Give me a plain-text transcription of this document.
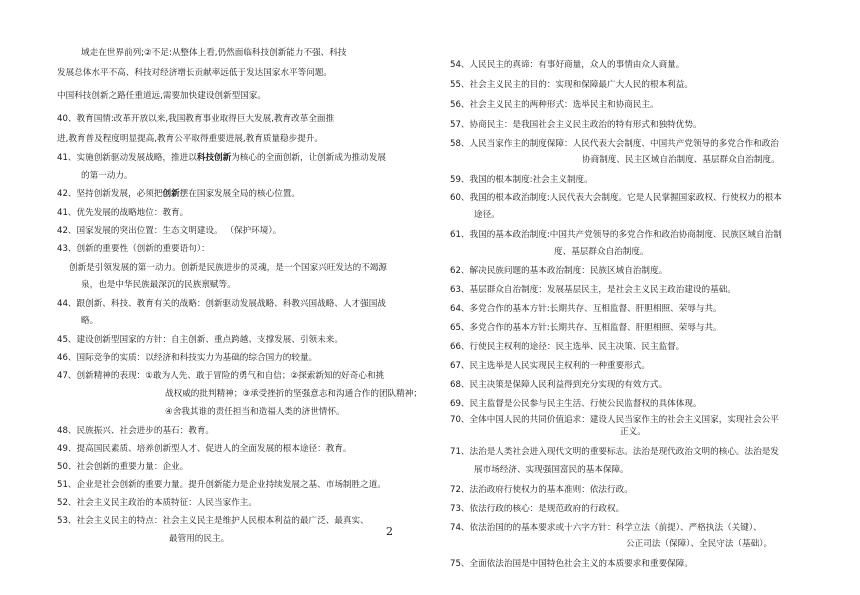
域走在世界前列;②不足:从整体上看,仍然面临科技创新能力不强、科技
发展总体水平不高、科技对经济增长贡献率远低于发达国家水平等问题。
中国科技创新之路任重道远,需要加快建设创新型国家。
40、教育国情:改革开放以来,我国教育事业取得巨大发展,教育改革全面推
进,教育普及程度明显提高,教育公平取得重要进展,教育质量稳步提升。
41、实施创新驱动发展战略，推进以科技创新为核心的全面创新，让创新成为推动发展
的第一动力。
42、坚持创新发展，必须把创新摆在国家发展全局的核心位置。
41、优先发展的战略地位：教育。
42、国家发展的突出位置：生态文明建设。 （保护环境）。
43、创新的重要性（创新的重要语句）：
创新是引领发展的第一动力。创新是民族进步的灵魂，是一个国家兴旺发达的不竭源
泉，也是中华民族最深沉的民族禀赋等。
44、跟创新、科技、教育有关的战略：创新驱动发展战略、科教兴国战略、人才强国战
略。
45、建设创新型国家的方针：自主创新、重点跨越、支撑发展、引领未来。
46、国际竞争的实质：以经济和科技实力为基础的综合国力的较量。
47、创新精神的表现：①敢为人先、敢于冒险的勇气和自信；②探索新知的好奇心和挑
战权威的批判精神；③承受挫折的坚强意志和沟通合作的团队精神；
④舍我其谁的责任担当和造福人类的济世情怀。
48、民族振兴、社会进步的基石：教育。
49、提高国民素质、培养创新型人才、促进人的全面发展的根本途径：教育。
50、社会创新的重要力量：企业。
51、企业是社会创新的重要力量。提升创新能力是企业持续发展之基、市场制胜之道。
52、社会主义民主政治的本质特征：人民当家作主。
53、社会主义民主的特点：社会主义民主是维护人民根本利益的最广泛、最真实、
最管用的民主。
2
54、人民民主的真谛：有事好商量，众人的事情由众人商量。
55、社会主义民主的目的：实现和保障最广大人民的根本利益。
56、社会主义民主的两种形式：选举民主和协商民主。
57、协商民主：是我国社会主义民主政治的特有形式和独特优势。
58、人民当家作主的制度保障：人民代表大会制度、中国共产党领导的多党合作和政治
协商制度、民主区域自治制度、基层群众自治制度。
59、我国的根本制度:社会主义制度。
60、我国的根本政治制度:人民代表大会制度。它是人民掌握国家政权、行使权力的根本
途径。
61、我国的基本政治制度:中国共产党领导的多党合作和政治协商制度、民族区域自治制
度、基层群众自治制度。
62、解决民族问题的基本政治制度：民族区域自治制度。
63、基层群众自治制度：发展基层民主，是社会主义民主政治建设的基础。
64、多党合作的基本方针:长期共存、互相监督、肝胆相照、荣辱与共。
65、多党合作的基本方针:长期共存、互相监督、肝胆相照、荣辱与共。
66、行使民主权利的途径：民主选举、民主决策、民主监督。
67、民主选举是人民实现民主权利的一种重要形式。
68、民主决策是保障人民利益得到充分实现的有效方式。
69、民主监督是公民参与民主生活、行使公民监督权的具体体现。
70、全体中国人民的共同价值追求：建设人民当家作主的社会主义国家，实现社会公平
正义。
71、法治是人类社会进入现代文明的重要标志。法治是现代政治文明的核心。法治是发
展市场经济、实现强国富民的基本保障。
72、法治政府行使权力的基本准则：依法行政。
73、依法行政的核心：是规范政府的行政权。
74、依法治国的的基本要求或十六字方针：科学立法（前提）、严格执法（关键）、
公正司法（保障）、全民守法（基础）。
75、全面依法治国是中国特色社会主义的本质要求和重要保障。
